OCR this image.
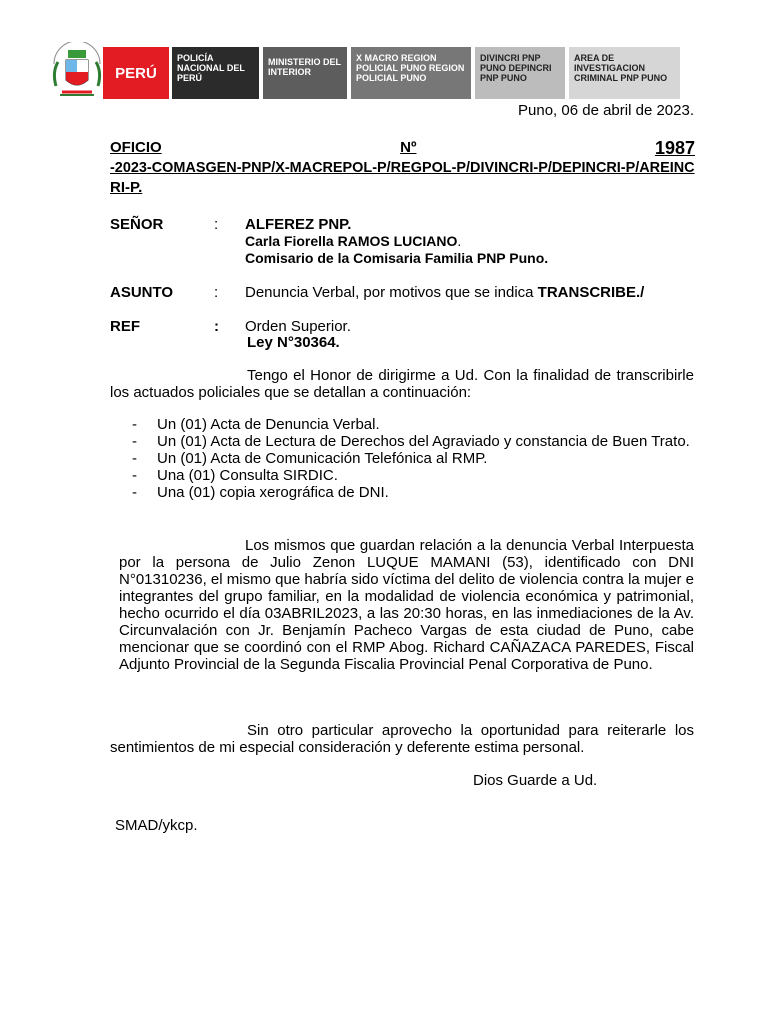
PERÚ
POLICÍA NACIONAL DEL PERÚ
MINISTERIO DEL INTERIOR
X MACRO REGION POLICIAL PUNO REGION POLICIAL PUNO
DIVINCRI PNP PUNO DEPINCRI PNP PUNO
AREA DE INVESTIGACION CRIMINAL PNP PUNO
Puno, 06 de abril de 2023.
OFICIO	Nº	1987
-2023-COMASGEN-PNP/X-MACREPOL-P/REGPOL-P/DIVINCRI-P/DEPINCRI-P/AREINC
RI-P.
SEÑOR	: ALFEREZ PNP.
Carla Fiorella RAMOS LUCIANO.
Comisario de la Comisaria Familia PNP Puno.
ASUNTO	: Denuncia Verbal, por motivos que se indica TRANSCRIBE./
REF	: Orden Superior.
Ley N°30364.
Tengo el Honor de dirigirme a Ud. Con la finalidad de transcribirle los actuados policiales que se detallan a continuación:
- Un (01) Acta de Denuncia Verbal.
- Un (01) Acta de Lectura de Derechos del Agraviado y constancia de Buen Trato.
- Un (01) Acta de Comunicación Telefónica al RMP.
- Una (01) Consulta SIRDIC.
- Una (01) copia xerográfica de DNI.
Los mismos que guardan relación a la denuncia Verbal Interpuesta por la persona de Julio Zenon LUQUE MAMANI (53), identificado con DNI N°01310236, el mismo que habría sido víctima del delito de violencia contra la mujer e integrantes del grupo familiar, en la modalidad de violencia económica y patrimonial, hecho ocurrido el día 03ABRIL2023, a las 20:30 horas, en las inmediaciones de la Av. Circunvalación con Jr. Benjamín Pacheco Vargas de esta ciudad de Puno, cabe mencionar que se coordinó con el RMP Abog. Richard CAÑAZACA PAREDES, Fiscal Adjunto Provincial de la Segunda Fiscalia Provincial Penal Corporativa de Puno.
Sin otro particular aprovecho la oportunidad para reiterarle los sentimientos de mi especial consideración y deferente estima personal.
Dios Guarde a Ud.
SMAD/ykcp.
